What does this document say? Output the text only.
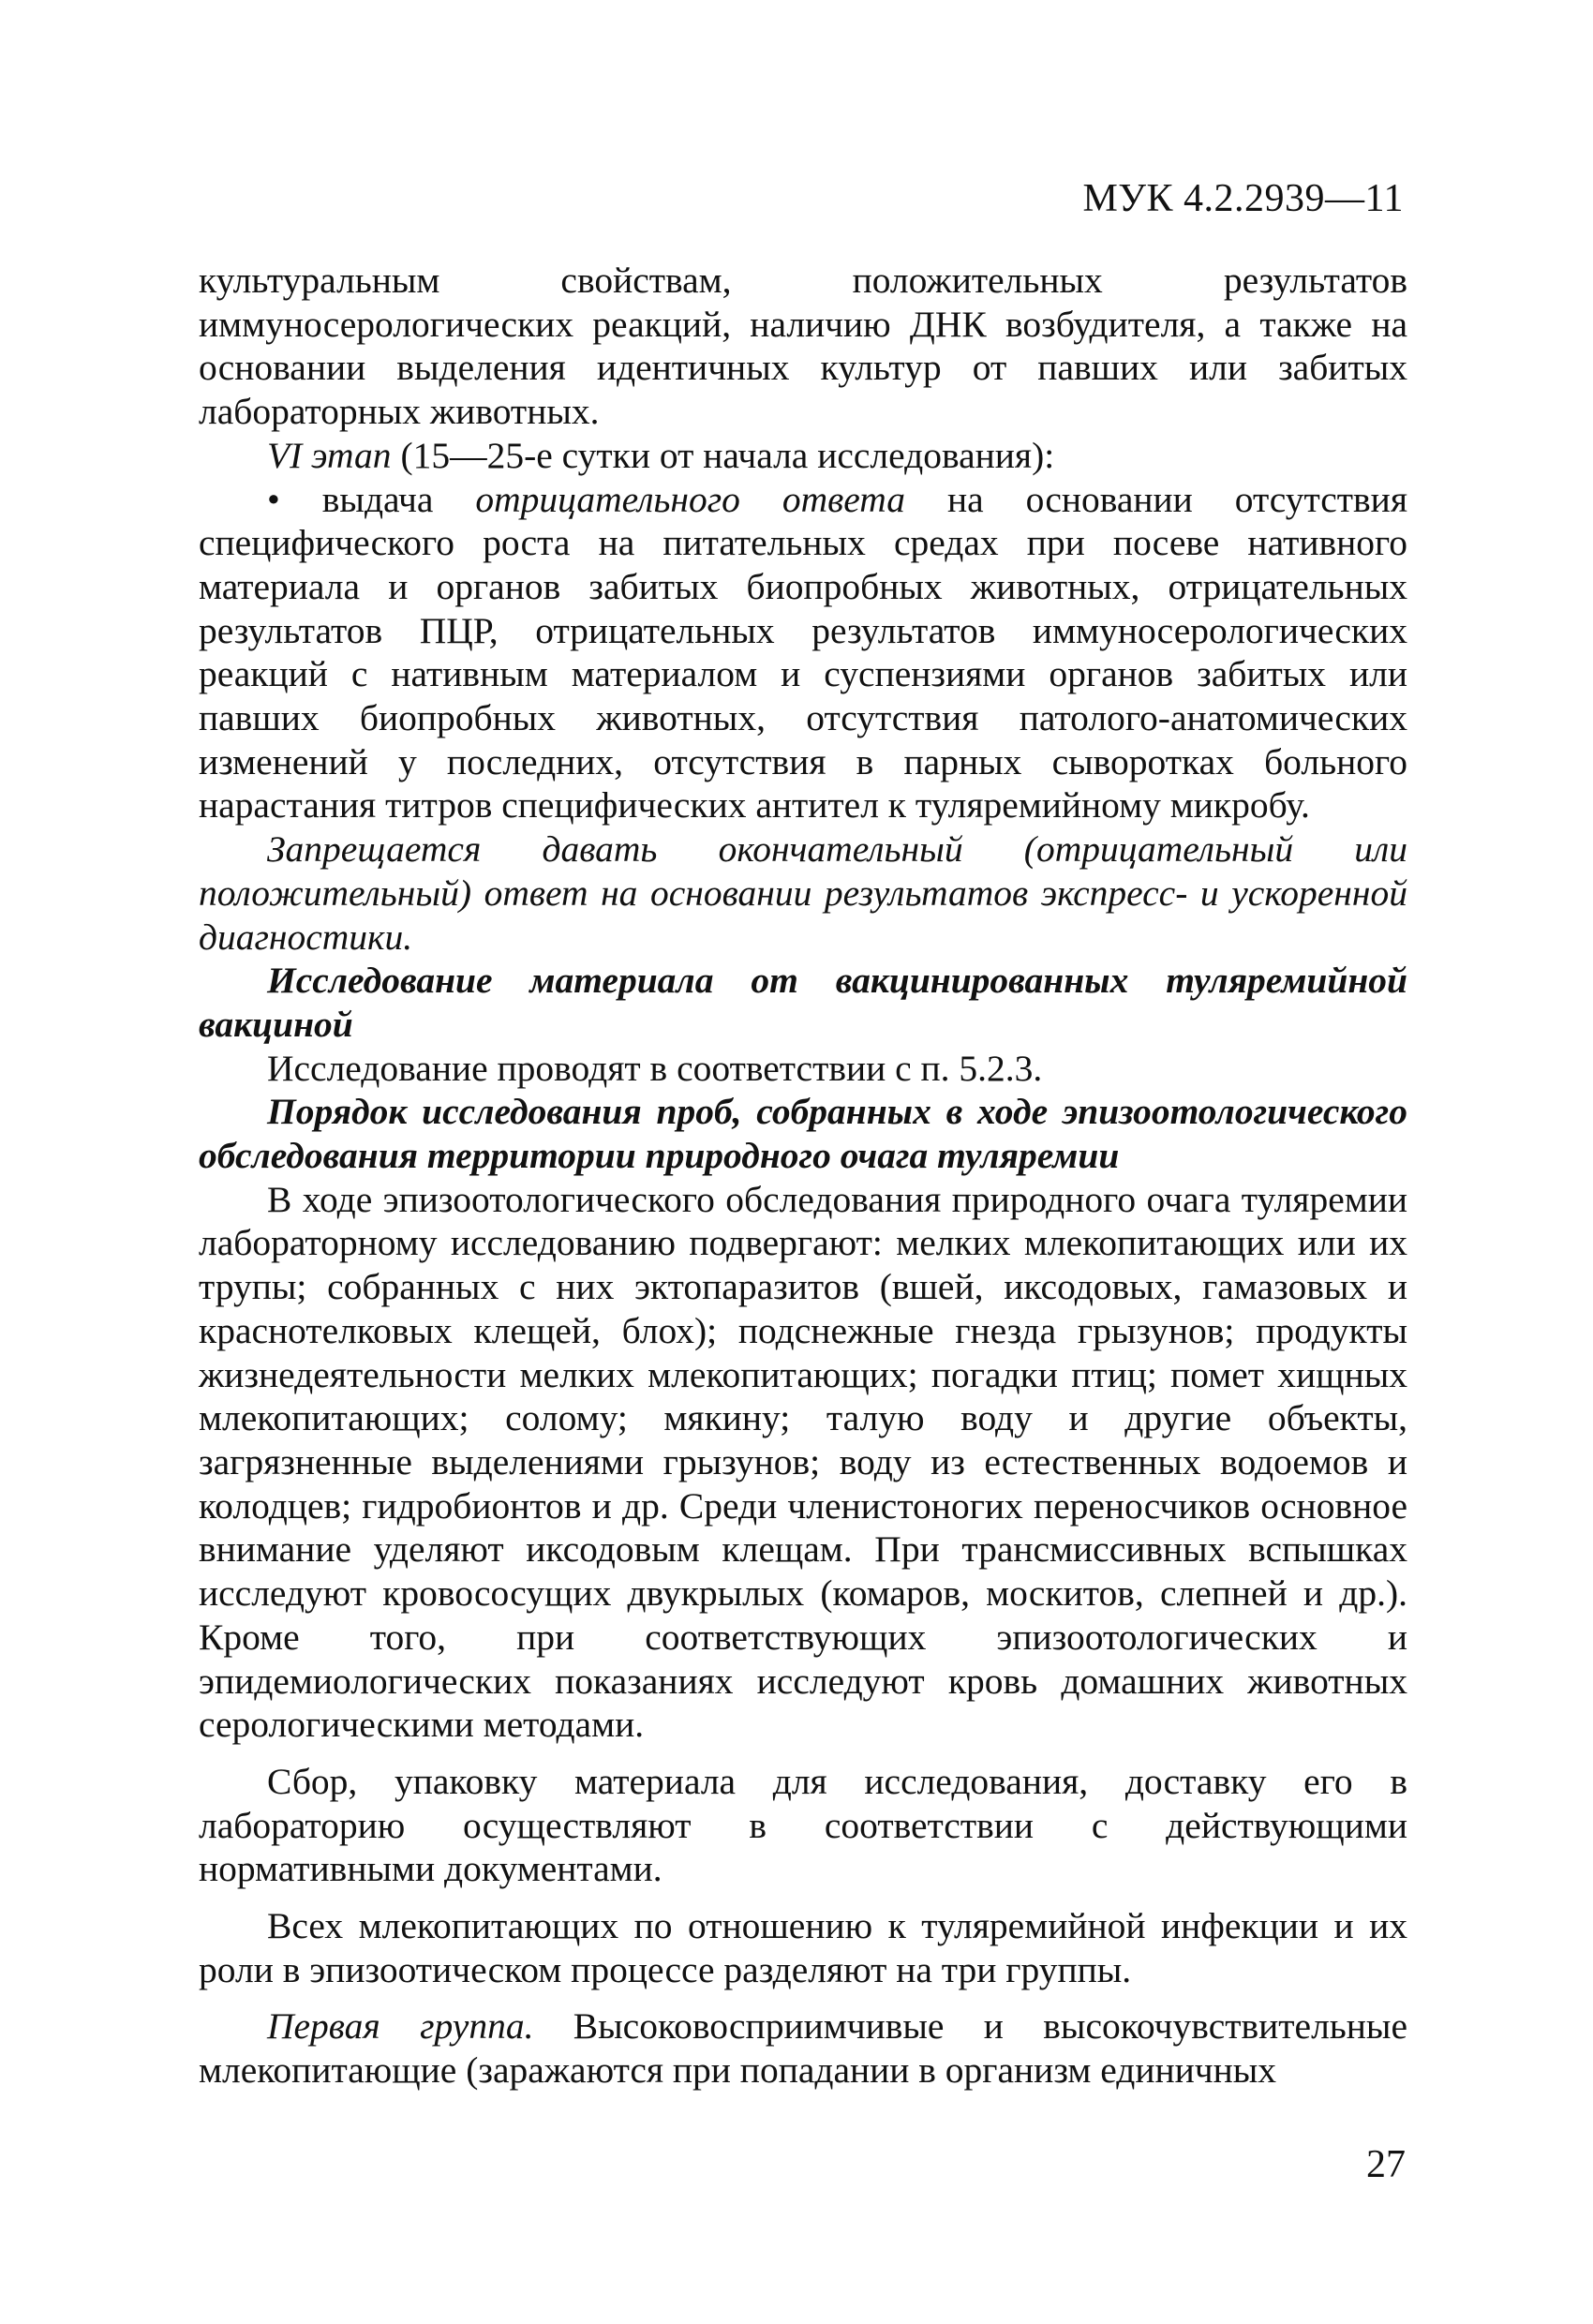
МУК 4.2.2939—11

культуральным свойствам, положительных результатов иммуносерологических реакций, наличию ДНК возбудителя, а также на основании выделения идентичных культур от павших или забитых лабораторных животных.

VI этап (15—25-е сутки от начала исследования):

• выдача отрицательного ответа на основании отсутствия специфического роста на питательных средах при посеве нативного материала и органов забитых биопробных животных, отрицательных результатов ПЦР, отрицательных результатов иммуносерологических реакций с нативным материалом и суспензиями органов забитых или павших биопробных животных, отсутствия патолого-анатомических изменений у последних, отсутствия в парных сыворотках больного нарастания титров специфических антител к туляремийному микробу.

Запрещается давать окончательный (отрицательный или положительный) ответ на основании результатов экспресс- и ускоренной диагностики.

Исследование материала от вакцинированных туляремийной вакциной

Исследование проводят в соответствии с п. 5.2.3.

Порядок исследования проб, собранных в ходе эпизоотологического обследования территории природного очага туляремии

В ходе эпизоотологического обследования природного очага туляремии лабораторному исследованию подвергают: мелких млекопитающих или их трупы; собранных с них эктопаразитов (вшей, иксодовых, гамазовых и краснотелковых клещей, блох); подснежные гнезда грызунов; продукты жизнедеятельности мелких млекопитающих; погадки птиц; помет хищных млекопитающих; солому; мякину; талую воду и другие объекты, загрязненные выделениями грызунов; воду из естественных водоемов и колодцев; гидробионтов и др. Среди членистоногих переносчиков основное внимание уделяют иксодовым клещам. При трансмиссивных вспышках исследуют кровососущих двукрылых (комаров, москитов, слепней и др.). Кроме того, при соответствующих эпизоотологических и эпидемиологических показаниях исследуют кровь домашних животных серологическими методами.

Сбор, упаковку материала для исследования, доставку его в лабораторию осуществляют в соответствии с действующими нормативными документами.

Всех млекопитающих по отношению к туляремийной инфекции и их роли в эпизоотическом процессе разделяют на три группы.

Первая группа. Высоковосприимчивые и высокочувствительные млекопитающие (заражаются при попадании в организм единичных

27
